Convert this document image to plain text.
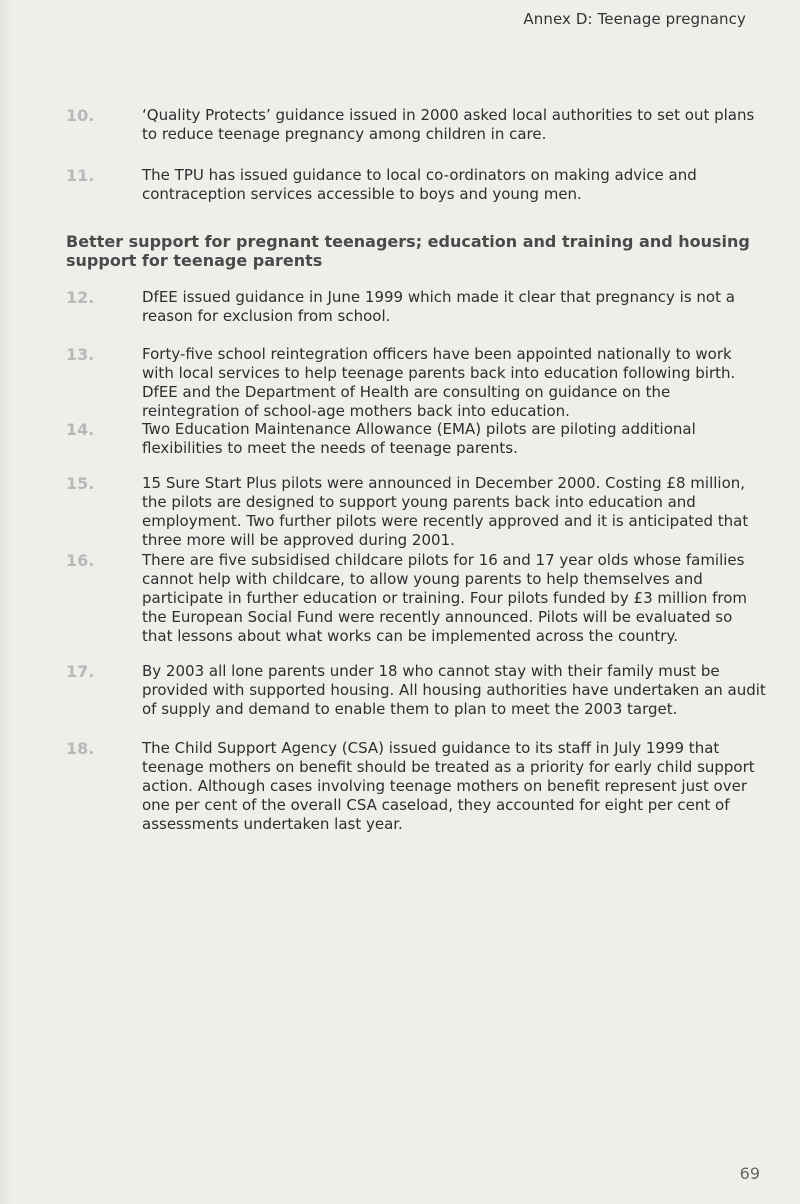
Annex D: Teenage pregnancy
10.	‘Quality Protects’ guidance issued in 2000 asked local authorities to set out plans to reduce teenage pregnancy among children in care.

11.	The TPU has issued guidance to local co-ordinators on making advice and contraception services accessible to boys and young men.

Better support for pregnant teenagers; education and training and housing support for teenage parents
12.	DfEE issued guidance in June 1999 which made it clear that pregnancy is not a reason for exclusion from school.

13.	Forty-five school reintegration officers have been appointed nationally to work with local services to help teenage parents back into education following birth. DfEE and the Department of Health are consulting on guidance on the reintegration of school-age mothers back into education.

14.	Two Education Maintenance Allowance (EMA) pilots are piloting additional flexibilities to meet the needs of teenage parents.

15.	15 Sure Start Plus pilots were announced in December 2000. Costing £8 million, the pilots are designed to support young parents back into education and employment. Two further pilots were recently approved and it is anticipated that three more will be approved during 2001.

16.	There are five subsidised childcare pilots for 16 and 17 year olds whose families cannot help with childcare, to allow young parents to help themselves and participate in further education or training. Four pilots funded by £3 million from the European Social Fund were recently announced. Pilots will be evaluated so that lessons about what works can be implemented across the country.

17.	By 2003 all lone parents under 18 who cannot stay with their family must be provided with supported housing. All housing authorities have undertaken an audit of supply and demand to enable them to plan to meet the 2003 target.

18.	The Child Support Agency (CSA) issued guidance to its staff in July 1999 that teenage mothers on benefit should be treated as a priority for early child support action. Although cases involving teenage mothers on benefit represent just over one per cent of the overall CSA caseload, they accounted for eight per cent of assessments undertaken last year.

69
